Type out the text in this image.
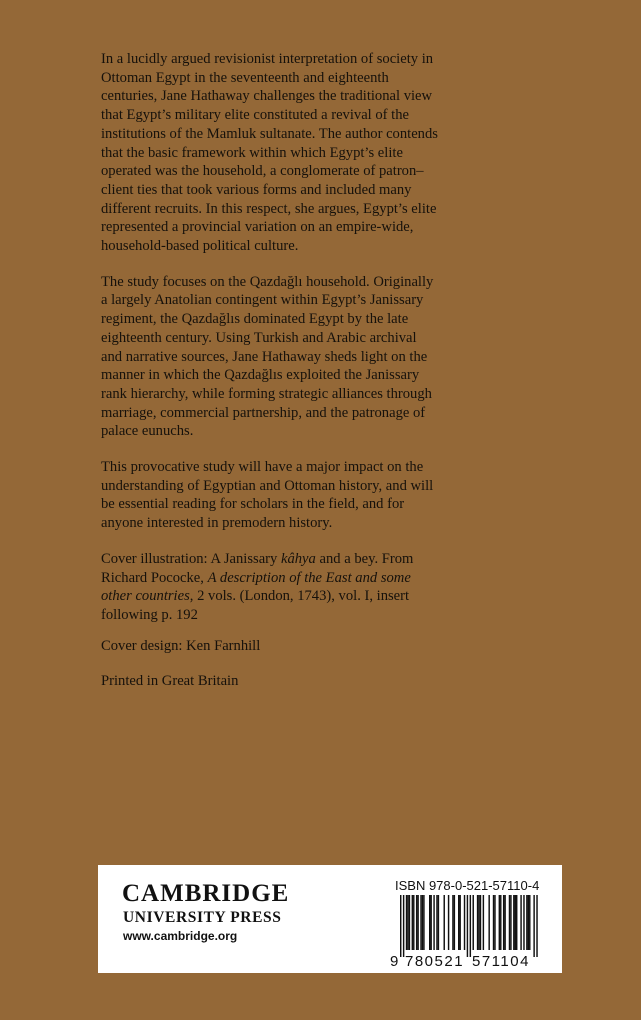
In a lucidly argued revisionist interpretation of society in Ottoman Egypt in the seventeenth and eighteenth centuries, Jane Hathaway challenges the traditional view that Egypt’s military elite constituted a revival of the institutions of the Mamluk sultanate. The author contends that the basic framework within which Egypt’s elite operated was the household, a conglomerate of patron–client ties that took various forms and included many different recruits. In this respect, she argues, Egypt’s elite represented a provincial variation on an empire-wide, household-based political culture.

The study focuses on the Qazdağlı household. Originally a largely Anatolian contingent within Egypt’s Janissary regiment, the Qazdağlıs dominated Egypt by the late eighteenth century. Using Turkish and Arabic archival and narrative sources, Jane Hathaway sheds light on the manner in which the Qazdağlıs exploited the Janissary rank hierarchy, while forming strategic alliances through marriage, commercial partnership, and the patronage of palace eunuchs.

This provocative study will have a major impact on the understanding of Egyptian and Ottoman history, and will be essential reading for scholars in the field, and for anyone interested in premodern history.

Cover illustration: A Janissary kâhya and a bey. From Richard Pococke, A description of the East and some other countries, 2 vols. (London, 1743), vol. I, insert following p. 192

Cover design: Ken Farnhill

Printed in Great Britain

CAMBRIDGE
UNIVERSITY PRESS
www.cambridge.org
ISBN 978-0-521-57110-4
9 780521 571104
